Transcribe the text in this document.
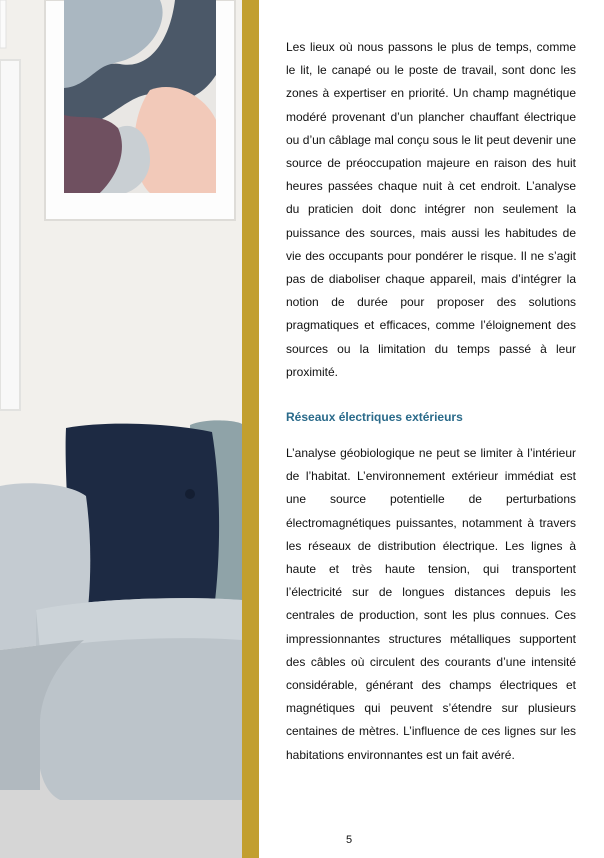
Les lieux où nous passons le plus de temps, comme le lit, le canapé ou le poste de travail, sont donc les zones à expertiser en priorité. Un champ magnétique modéré provenant d’un plancher chauffant électrique ou d’un câblage mal conçu sous le lit peut devenir une source de préoccupation majeure en raison des huit heures passées chaque nuit à cet endroit. L’analyse du praticien doit donc intégrer non seulement la puissance des sources, mais aussi les habitudes de vie des occupants pour pondérer le risque. Il ne s’agit pas de diaboliser chaque appareil, mais d’intégrer la notion de durée pour proposer des solutions pragmatiques et efficaces, comme l’éloignement des sources ou la limitation du temps passé à leur proximité.

Réseaux électriques extérieurs

L’analyse géobiologique ne peut se limiter à l’intérieur de l’habitat. L’environnement extérieur immédiat est une source potentielle de perturbations électromagnétiques puissantes, notamment à travers les réseaux de distribution électrique. Les lignes à haute et très haute tension, qui transportent l’électricité sur de longues distances depuis les centrales de production, sont les plus connues. Ces impressionnantes structures métalliques supportent des câbles où circulent des courants d’une intensité considérable, générant des champs électriques et magnétiques qui peuvent s’étendre sur plusieurs centaines de mètres. L’influence de ces lignes sur les habitations environnantes est un fait avéré.

5
